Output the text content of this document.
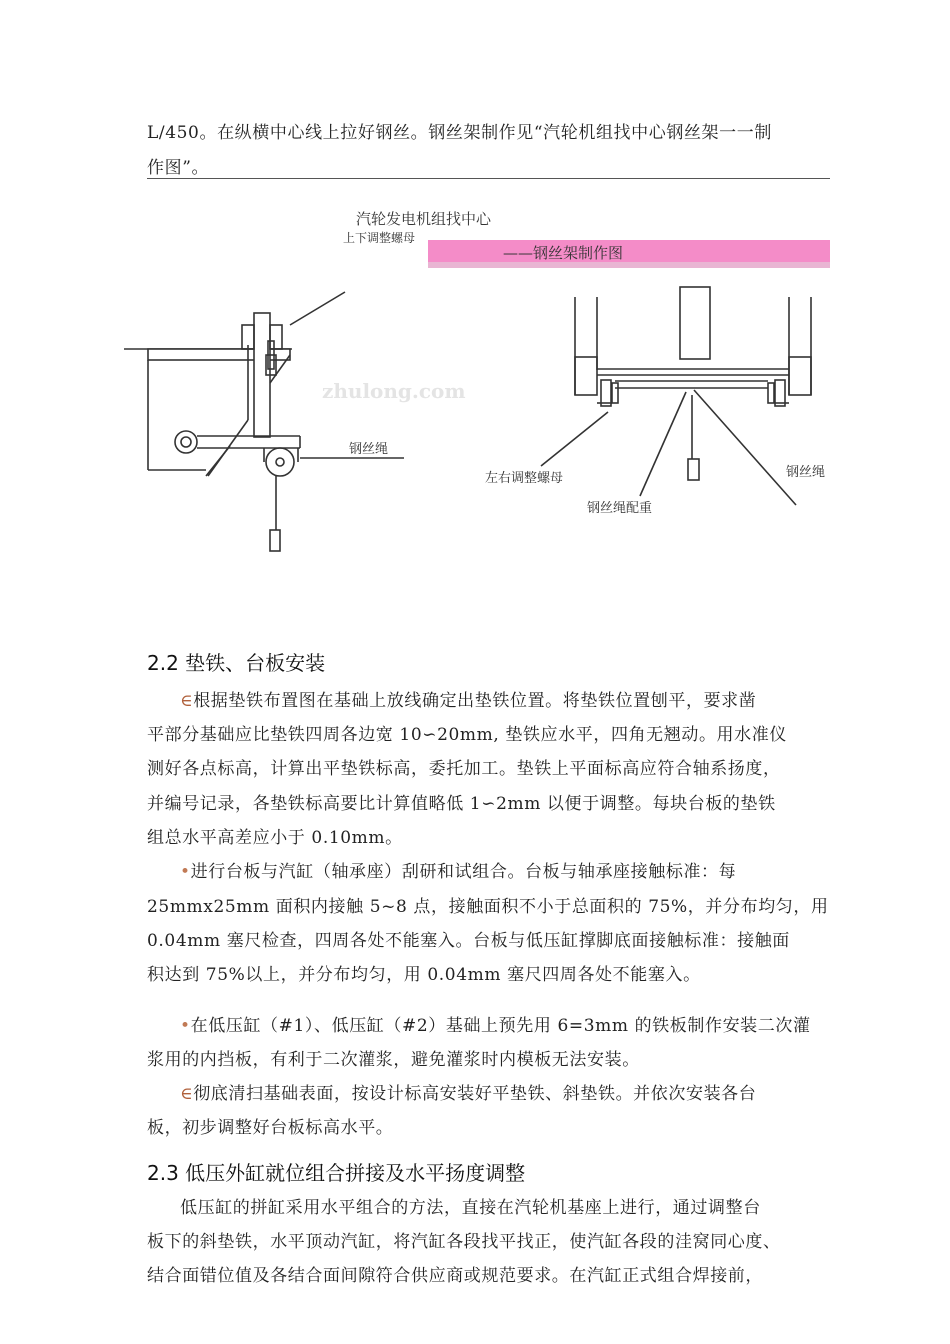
L/450。在纵横中心线上拉好钢丝。钢丝架制作见“汽轮机组找中心钢丝架一一制
作图”。
汽轮发电机组找中心
上下调整螺母
——钢丝架制作图
zhulong.com
钢丝绳
左右调整螺母	钢丝绳
钢丝绳配重
2.2 垫铁、台板安装
∈根据垫铁布置图在基础上放线确定出垫铁位置。将垫铁位置刨平，要求凿
平部分基础应比垫铁四周各边宽 10∽20mm, 垫铁应水平，四角无翘动。用水准仪
测好各点标高，计算出平垫铁标高，委托加工。垫铁上平面标高应符合轴系扬度，
并编号记录，各垫铁标高要比计算值略低 1∽2mm 以便于调整。每块台板的垫铁
组总水平高差应小于 0.10mm。
•进行台板与汽缸（轴承座）刮研和试组合。台板与轴承座接触标准：每
25mmx25mm 面积内接触 5~8 点，接触面积不小于总面积的 75%，并分布均匀，用
0.04mm 塞尺检查，四周各处不能塞入。台板与低压缸撑脚底面接触标准：接触面
积达到 75%以上，并分布均匀，用 0.04mm 塞尺四周各处不能塞入。
•在低压缸（#1）、低压缸（#2）基础上预先用 6=3mm 的铁板制作安装二次灌
浆用的内挡板，有利于二次灌浆，避免灌浆时内模板无法安装。
∈彻底清扫基础表面，按设计标高安装好平垫铁、斜垫铁。并依次安装各台
板，初步调整好台板标高水平。
2.3 低压外缸就位组合拼接及水平扬度调整
低压缸的拼缸采用水平组合的方法，直接在汽轮机基座上进行，通过调整台
板下的斜垫铁，水平顶动汽缸，将汽缸各段找平找正，使汽缸各段的洼窝同心度、
结合面错位值及各结合面间隙符合供应商或规范要求。在汽缸正式组合焊接前，
